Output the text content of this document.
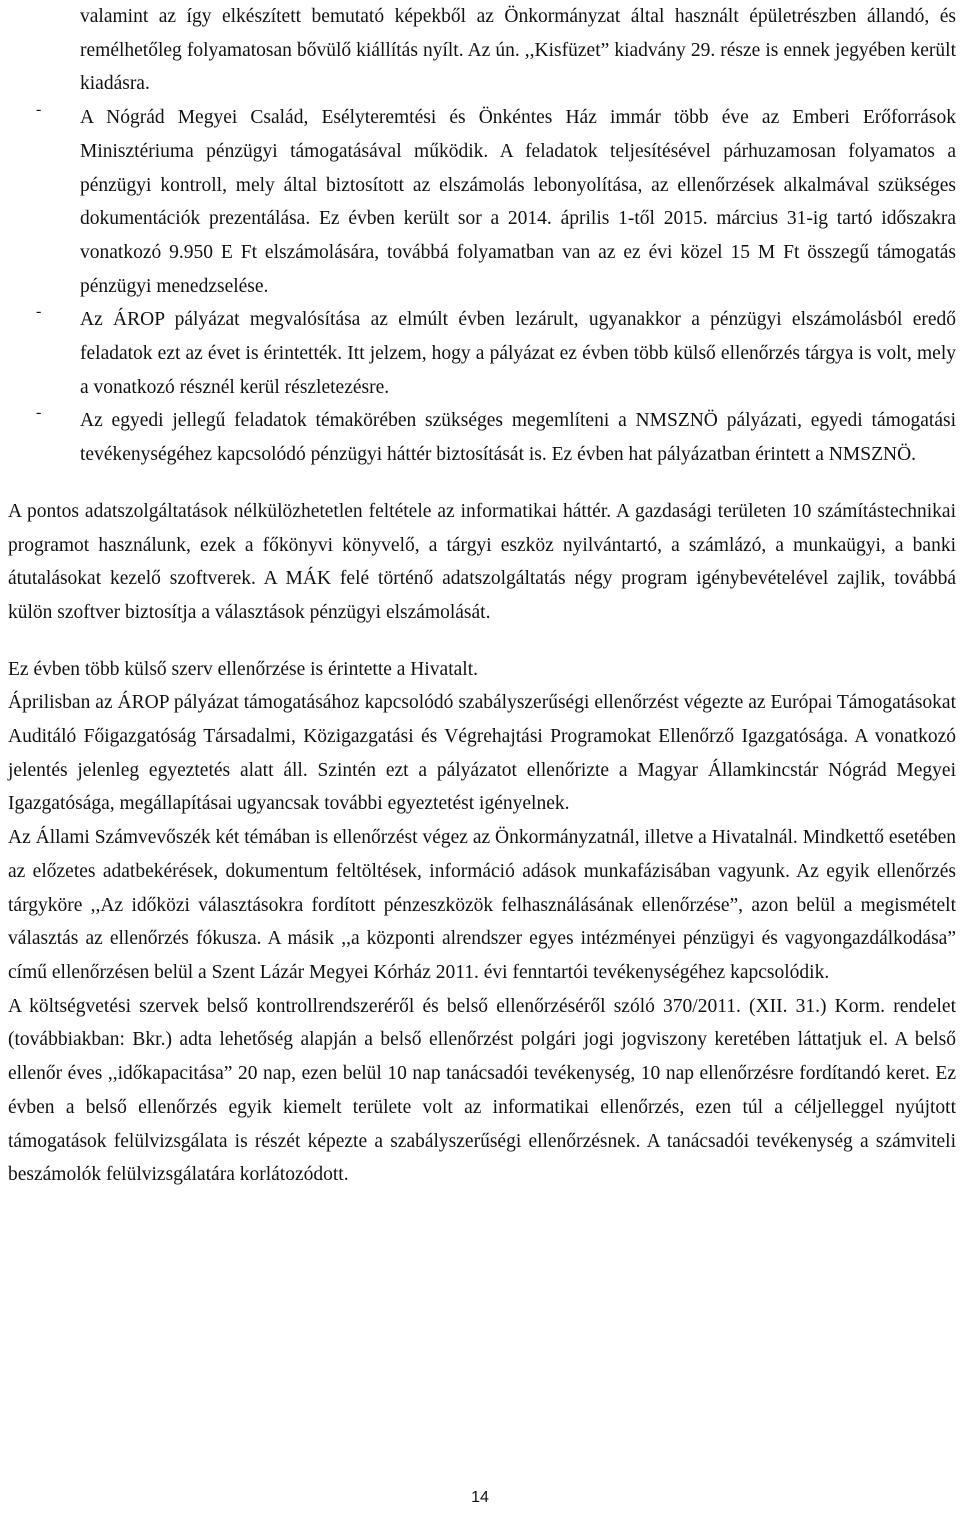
valamint az így elkészített bemutató képekből az Önkormányzat által használt épületrészben állandó, és remélhetőleg folyamatosan bővülő kiállítás nyílt. Az ún. ,,Kisfüzet” kiadvány 29. része is ennek jegyében került kiadásra.

- A Nógrád Megyei Család, Esélyteremtési és Önkéntes Ház immár több éve az Emberi Erőforrások Minisztériuma pénzügyi támogatásával működik. A feladatok teljesítésével párhuzamosan folyamatos a pénzügyi kontroll, mely által biztosított az elszámolás lebonyolítása, az ellenőrzések alkalmával szükséges dokumentációk prezentálása. Ez évben került sor a 2014. április 1-től 2015. március 31-ig tartó időszakra vonatkozó 9.950 E Ft elszámolására, továbbá folyamatban van az ez évi közel 15 M Ft összegű támogatás pénzügyi menedzselése.

- Az ÁROP pályázat megvalósítása az elmúlt évben lezárult, ugyanakkor a pénzügyi elszámolásból eredő feladatok ezt az évet is érintették. Itt jelzem, hogy a pályázat ez évben több külső ellenőrzés tárgya is volt, mely a vonatkozó résznél kerül részletezésre.

- Az egyedi jellegű feladatok témakörében szükséges megemlíteni a NMSZNÖ pályázati, egyedi támogatási tevékenységéhez kapcsolódó pénzügyi háttér biztosítását is. Ez évben hat pályázatban érintett a NMSZNÖ.

A pontos adatszolgáltatások nélkülözhetetlen feltétele az informatikai háttér. A gazdasági területen 10 számítástechnikai programot használunk, ezek a főkönyvi könyvelő, a tárgyi eszköz nyilvántartó, a számlázó, a munkaügyi, a banki átutalásokat kezelő szoftverek. A MÁK felé történő adatszolgáltatás négy program igénybevételével zajlik, továbbá külön szoftver biztosítja a választások pénzügyi elszámolását.

Ez évben több külső szerv ellenőrzése is érintette a Hivatalt.

Áprilisban az ÁROP pályázat támogatásához kapcsolódó szabályszerűségi ellenőrzést végezte az Európai Támogatásokat Auditáló Főigazgatóság Társadalmi, Közigazgatási és Végrehajtási Programokat Ellenőrző Igazgatósága. A vonatkozó jelentés jelenleg egyeztetés alatt áll. Szintén ezt a pályázatot ellenőrizte a Magyar Államkincstár Nógrád Megyei Igazgatósága, megállapításai ugyancsak további egyeztetést igényelnek.

Az Állami Számvevőszék két témában is ellenőrzést végez az Önkormányzatnál, illetve a Hivatalnál. Mindkettő esetében az előzetes adatbekérések, dokumentum feltöltések, információ adások munkafázisában vagyunk. Az egyik ellenőrzés tárgyköre ,,Az időközi választásokra fordított pénzeszközök felhasználásának ellenőrzése”, azon belül a megismételt választás az ellenőrzés fókusza. A másik ,,a központi alrendszer egyes intézményei pénzügyi és vagyongazdálkodása” című ellenőrzésen belül a Szent Lázár Megyei Kórház 2011. évi fenntartói tevékenységéhez kapcsolódik.

A költségvetési szervek belső kontrollrendszeréről és belső ellenőrzéséről szóló 370/2011. (XII. 31.) Korm. rendelet (továbbiakban: Bkr.) adta lehetőség alapján a belső ellenőrzést polgári jogi jogviszony keretében láttatjuk el. A belső ellenőr éves ,,időkapacitása” 20 nap, ezen belül 10 nap tanácsadói tevékenység, 10 nap ellenőrzésre fordítandó keret. Ez évben a belső ellenőrzés egyik kiemelt területe volt az informatikai ellenőrzés, ezen túl a céljelleggel nyújtott támogatások felülvizsgálata is részét képezte a szabályszerűségi ellenőrzésnek. A tanácsadói tevékenység a számviteli beszámolók felülvizsgálatára korlátozódott.

14
